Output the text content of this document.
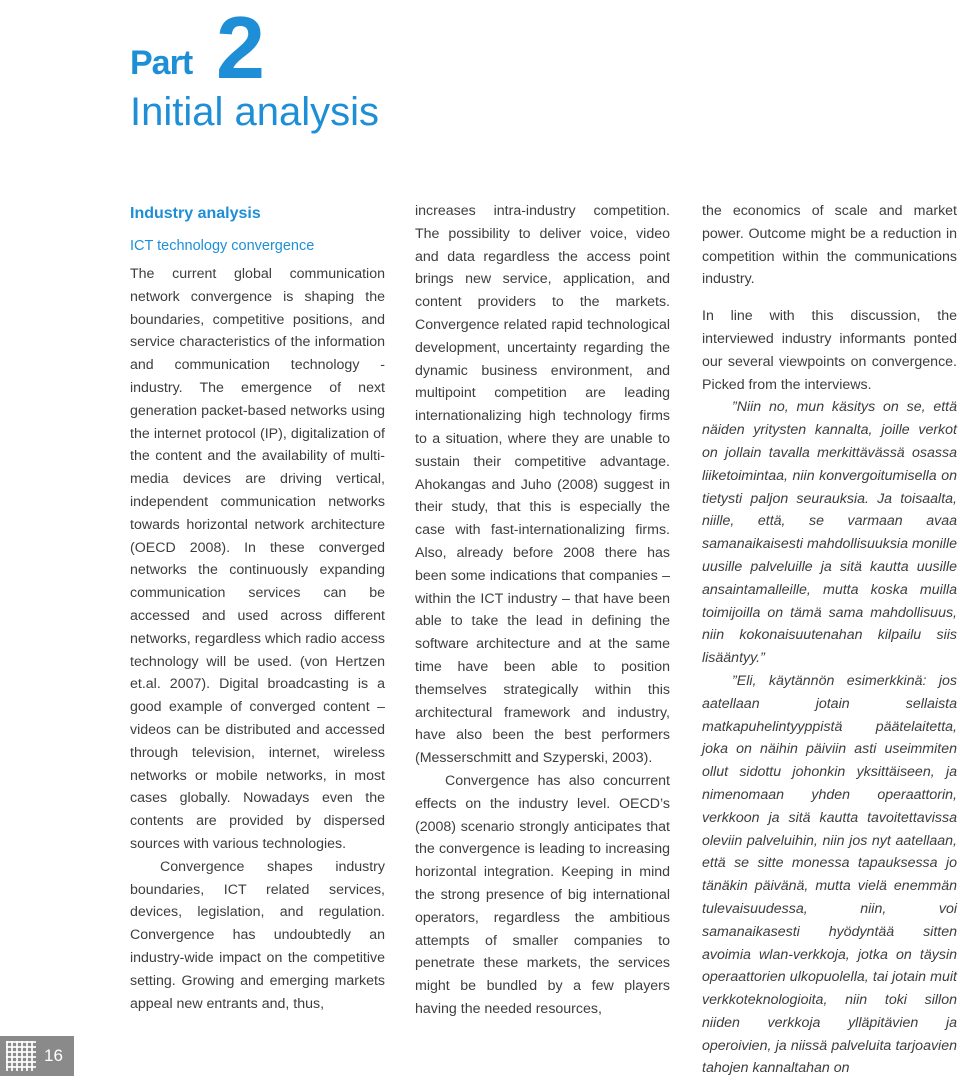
Part 2
Initial analysis
Industry analysis
ICT technology convergence

The current global communication network convergence is shaping the boundaries, competitive positions, and service characteristics of the information and communication technology -industry. The emergence of next generation packet-based networks using the internet protocol (IP), digitalization of the content and the availability of multi-media devices are driving vertical, independent communication networks towards horizontal network architecture (OECD 2008). In these converged networks the continuously expanding communication services can be accessed and used across different networks, regardless which radio access technology will be used. (von Hertzen et.al. 2007). Digital broadcasting is a good example of converged content – videos can be distributed and accessed through television, internet, wireless networks or mobile networks, in most cases globally. Nowadays even the contents are provided by dispersed sources with various technologies.

Convergence shapes industry boundaries, ICT related services, devices, legislation, and regulation. Convergence has undoubtedly an industry-wide impact on the competitive setting. Growing and emerging markets appeal new entrants and, thus,

increases intra-industry competition. The possibility to deliver voice, video and data regardless the access point brings new service, application, and content providers to the markets. Convergence related rapid technological development, uncertainty regarding the dynamic business environment, and multipoint competition are leading internationalizing high technology firms to a situation, where they are unable to sustain their competitive advantage. Ahokangas and Juho (2008) suggest in their study, that this is especially the case with fast-internationalizing firms. Also, already before 2008 there has been some indications that companies – within the ICT industry – that have been able to take the lead in defining the software architecture and at the same time have been able to position themselves strategically within this architectural framework and industry, have also been the best performers (Messerschmitt and Szyperski, 2003).

Convergence has also concurrent effects on the industry level. OECD’s (2008) scenario strongly anticipates that the convergence is leading to increasing horizontal integration. Keeping in mind the strong presence of big international operators, regardless the ambitious attempts of smaller companies to penetrate these markets, the services might be bundled by a few players having the needed resources,

the economics of scale and market power. Outcome might be a reduction in competition within the communications industry.

In line with this discussion, the interviewed industry informants ponted our several viewpoints on convergence. Picked from the interviews.

”Niin no, mun käsitys on se, että näiden yritysten kannalta, joille verkot on jollain tavalla merkittävässä osassa liiketoimintaa, niin konvergoitumisella on tietysti paljon seurauksia. Ja toisaalta, niille, että, se varmaan avaa samanaikaisesti mahdollisuuksia monille uusille palveluille ja sitä kautta uusille ansaintamalleille, mutta koska muilla toimijoilla on tämä sama mahdollisuus, niin kokonaisuutenahan kilpailu siis lisääntyy.”

”Eli, käytännön esimerkkinä: jos aatellaan jotain sellaista matkapuhelintyyppistä päätelaitetta, joka on näihin päiviin asti useimmiten ollut sidottu johonkin yksittäiseen, ja nimenomaan yhden operaattorin, verkkoon ja sitä kautta tavoitettavissa oleviin palveluihin, niin jos nyt aatellaan, että se sitte monessa tapauksessa jo tänäkin päivänä, mutta vielä enemmän tulevaisuudessa, niin, voi samanaikasesti hyödyntää sitten avoimia wlan-verkkoja, jotka on täysin operaattorien ulkopuolella, tai jotain muit verkkoteknologioita, niin toki sillon niiden verkkoja ylläpitävien ja operoivien, ja niissä palveluita tarjoavien tahojen kannaltahan on

16
